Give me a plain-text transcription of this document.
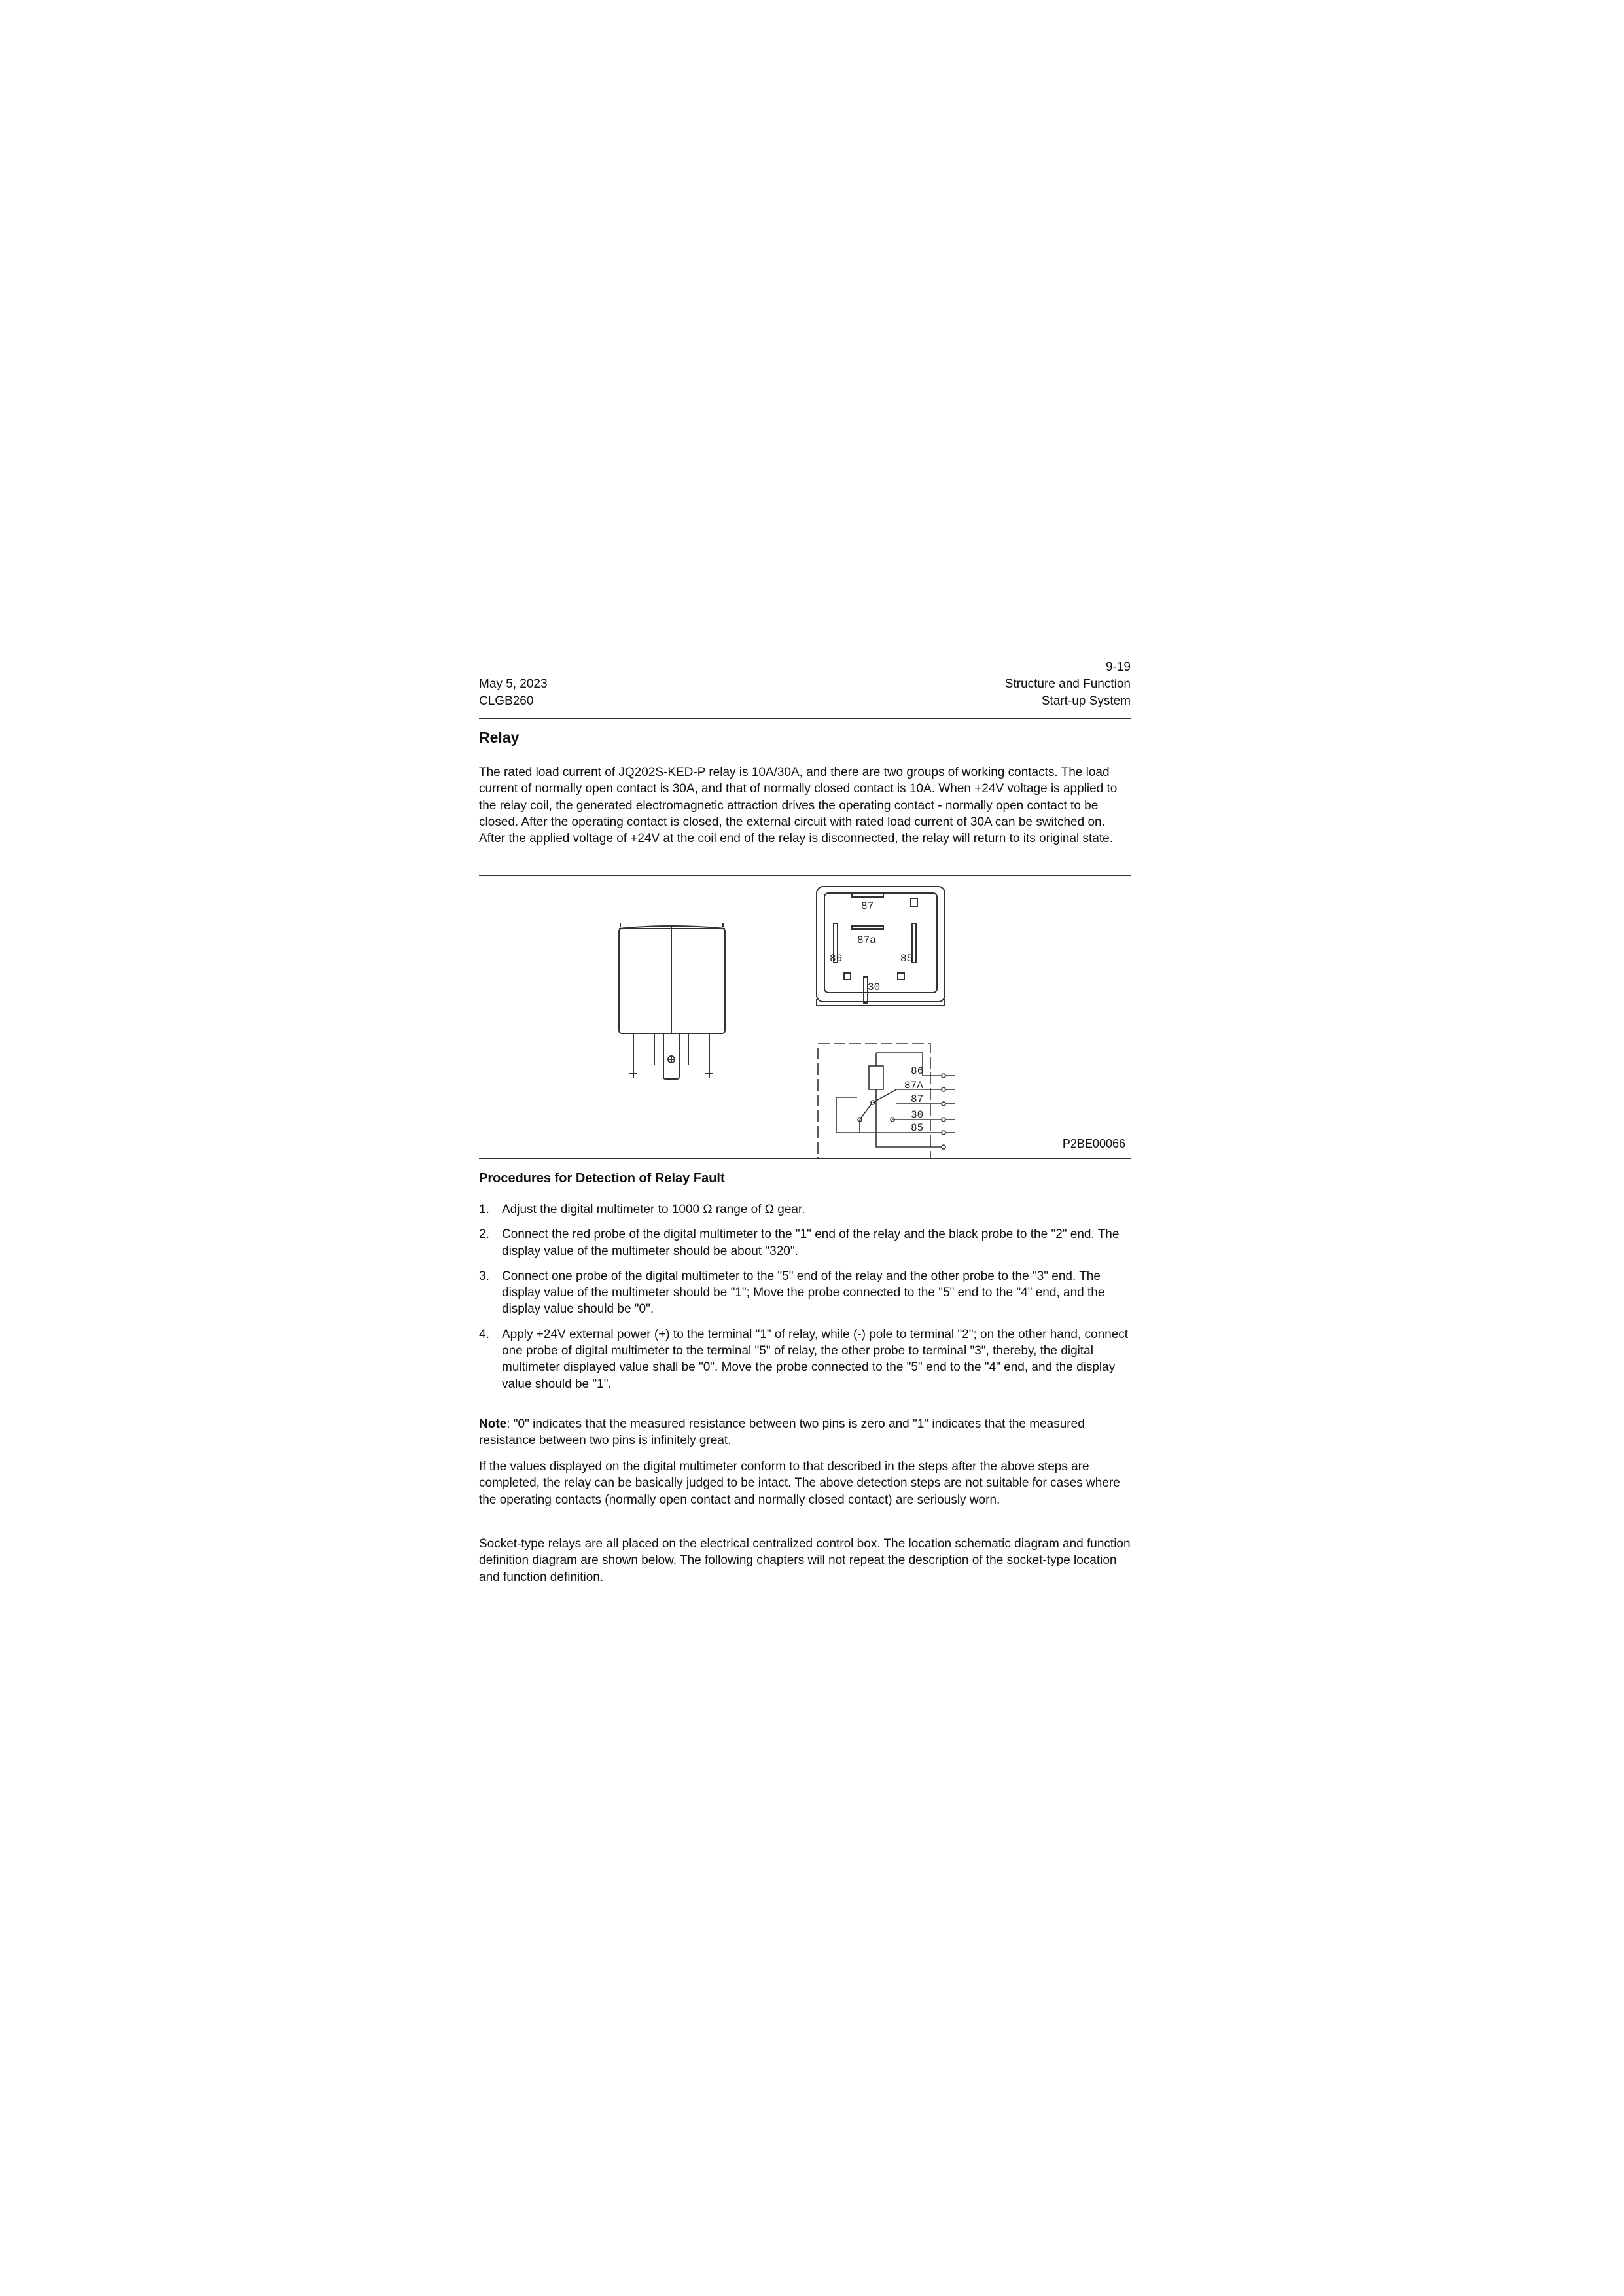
9-19
Structure and Function
Start-up System
May 5, 2023
CLGB260
Relay

The rated load current of JQ202S-KED-P relay is 10A/30A, and there are two groups of working contacts. The load current of normally open contact is 30A, and that of normally closed contact is 10A. When +24V voltage is applied to the relay coil, the generated electromagnetic attraction drives the operating contact - normally open contact to be closed. After the operating contact is closed, the external circuit with rated load current of 30A can be switched on. After the applied voltage of +24V at the coil end of the relay is disconnected, the relay will return to its original state.

87
87a
86	85
30
86
87A
87
30
85
P2BE00066
Procedures for Detection of Relay Fault
1. Adjust the digital multimeter to 1000 Ω range of Ω gear.
2. Connect the red probe of the digital multimeter to the "1" end of the relay and the black probe to the "2" end. The display value of the multimeter should be about "320".
3. Connect one probe of the digital multimeter to the "5" end of the relay and the other probe to the "3" end. The display value of the multimeter should be "1"; Move the probe connected to the "5" end to the "4" end, and the display value should be "0".
4. Apply +24V external power (+) to the terminal "1" of relay, while (-) pole to terminal "2"; on the other hand, connect one probe of digital multimeter to the terminal "5" of relay, the other probe to terminal "3", thereby, the digital multimeter displayed value shall be "0". Move the probe connected to the "5" end to the "4" end, and the display value should be "1".

Note: "0" indicates that the measured resistance between two pins is zero and "1" indicates that the measured resistance between two pins is infinitely great.

If the values displayed on the digital multimeter conform to that described in the steps after the above steps are completed, the relay can be basically judged to be intact. The above detection steps are not suitable for cases where the operating contacts (normally open contact and normally closed contact) are seriously worn.

Socket-type relays are all placed on the electrical centralized control box. The location schematic diagram and function definition diagram are shown below. The following chapters will not repeat the description of the socket-type location and function definition.
